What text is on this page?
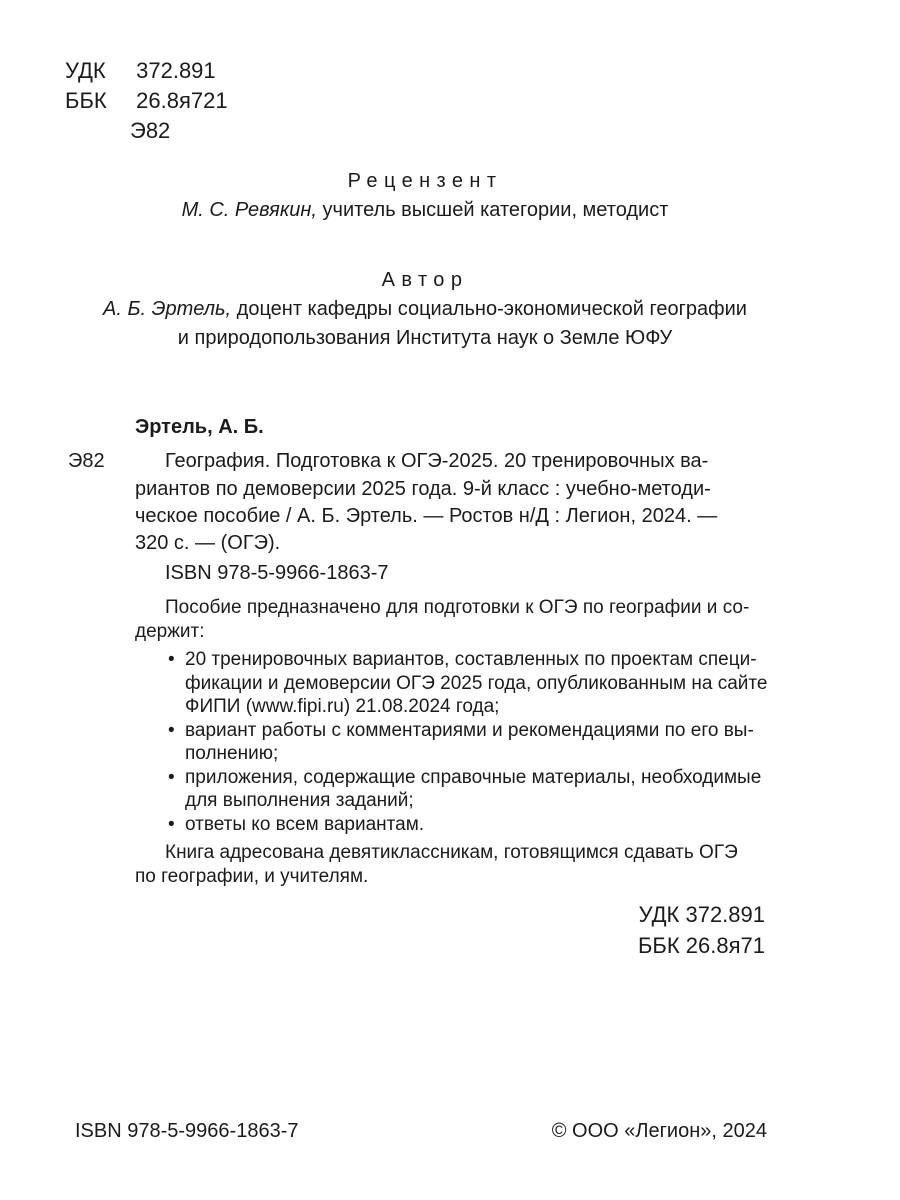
УДК 372.891
ББК 26.8я721
Э82
Рецензент
М. С. Ревякин, учитель высшей категории, методист
Автор
А. Б. Эртель, доцент кафедры социально-экономической географии
и природопользования Института наук о Земле ЮФУ
Эртель, А. Б.
Э82	География. Подготовка к ОГЭ-2025. 20 тренировочных ва-
риантов по демоверсии 2025 года. 9-й класс : учебно-методи-
ческое пособие / А. Б. Эртель. — Ростов н/Д : Легион, 2024. —
320 с. — (ОГЭ).
ISBN 978-5-9966-1863-7
Пособие предназначено для подготовки к ОГЭ по географии и со-
держит:
• 20 тренировочных вариантов, составленных по проектам специ-
фикации и демоверсии ОГЭ 2025 года, опубликованным на сайте
ФИПИ (www.fipi.ru) 21.08.2024 года;
• вариант работы с комментариями и рекомендациями по его вы-
полнению;
• приложения, содержащие справочные материалы, необходимые
для выполнения заданий;
• ответы ко всем вариантам.
Книга адресована девятиклассникам, готовящимся сдавать ОГЭ
по географии, и учителям.
УДК 372.891
ББК 26.8я71
ISBN 978-5-9966-1863-7	© ООО «Легион», 2024
